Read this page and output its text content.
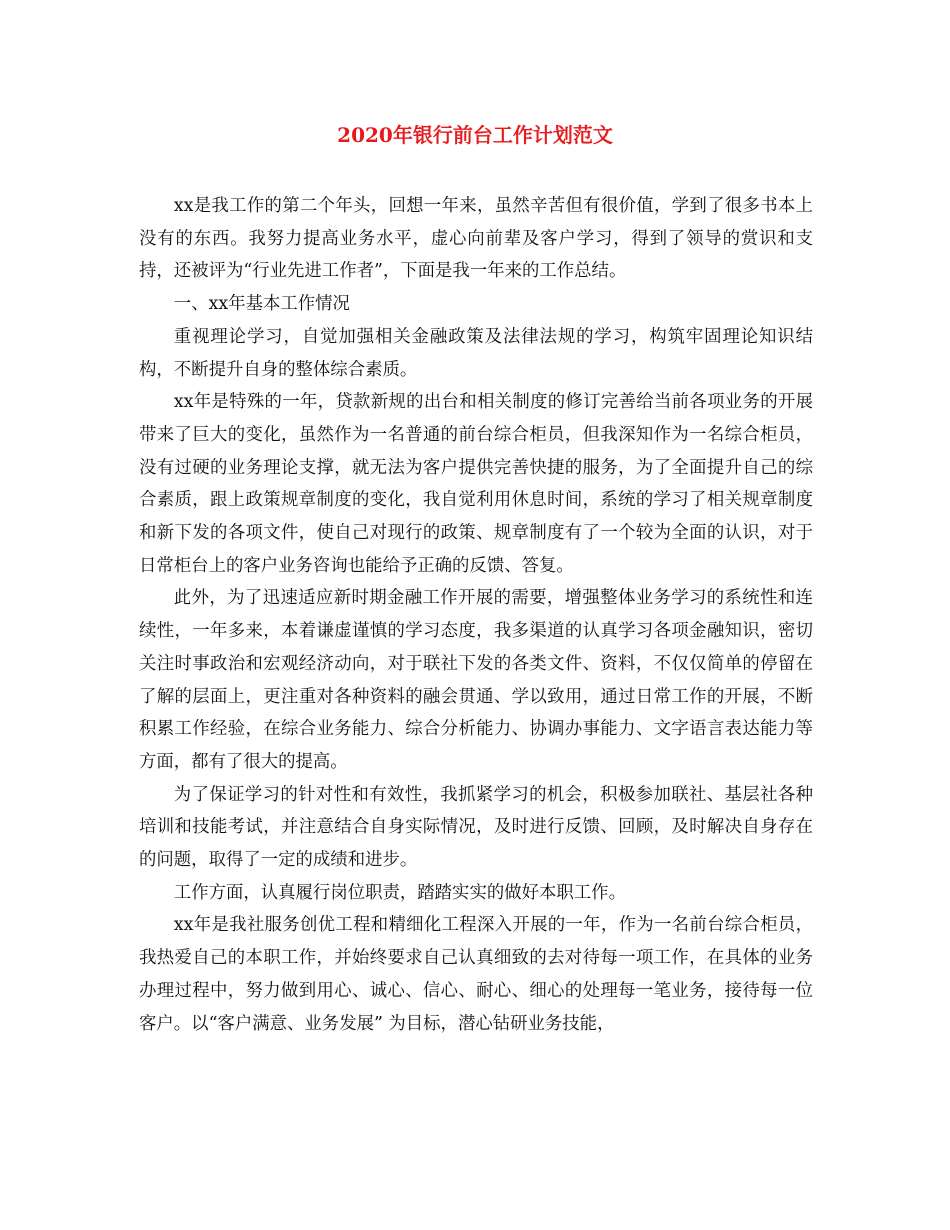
2020年银行前台工作计划范文

xx是我工作的第二个年头，回想一年来，虽然辛苦但有很价值，学到了很多书本上没有的东西。我努力提高业务水平，虚心向前辈及客户学习，得到了领导的赏识和支持，还被评为“行业先进工作者”，下面是我一年来的工作总结。

一、xx年基本工作情况

重视理论学习，自觉加强相关金融政策及法律法规的学习，构筑牢固理论知识结构，不断提升自身的整体综合素质。

xx年是特殊的一年，贷款新规的出台和相关制度的修订完善给当前各项业务的开展带来了巨大的变化，虽然作为一名普通的前台综合柜员，但我深知作为一名综合柜员，没有过硬的业务理论支撑，就无法为客户提供完善快捷的服务，为了全面提升自己的综合素质，跟上政策规章制度的变化，我自觉利用休息时间，系统的学习了相关规章制度和新下发的各项文件，使自己对现行的政策、规章制度有了一个较为全面的认识，对于日常柜台上的客户业务咨询也能给予正确的反馈、答复。

此外，为了迅速适应新时期金融工作开展的需要，增强整体业务学习的系统性和连续性，一年多来，本着谦虚谨慎的学习态度，我多渠道的认真学习各项金融知识，密切关注时事政治和宏观经济动向，对于联社下发的各类文件、资料，不仅仅简单的停留在了解的层面上，更注重对各种资料的融会贯通、学以致用，通过日常工作的开展，不断积累工作经验，在综合业务能力、综合分析能力、协调办事能力、文字语言表达能力等方面，都有了很大的提高。

为了保证学习的针对性和有效性，我抓紧学习的机会，积极参加联社、基层社各种培训和技能考试，并注意结合自身实际情况，及时进行反馈、回顾，及时解决自身存在的问题，取得了一定的成绩和进步。

工作方面，认真履行岗位职责，踏踏实实的做好本职工作。

xx年是我社服务创优工程和精细化工程深入开展的一年，作为一名前台综合柜员，我热爱自己的本职工作，并始终要求自己认真细致的去对待每一项工作，在具体的业务办理过程中，努力做到用心、诚心、信心、耐心、细心的处理每一笔业务，接待每一位客户。以“客户满意、业务发展” 为目标，潜心钻研业务技能，
